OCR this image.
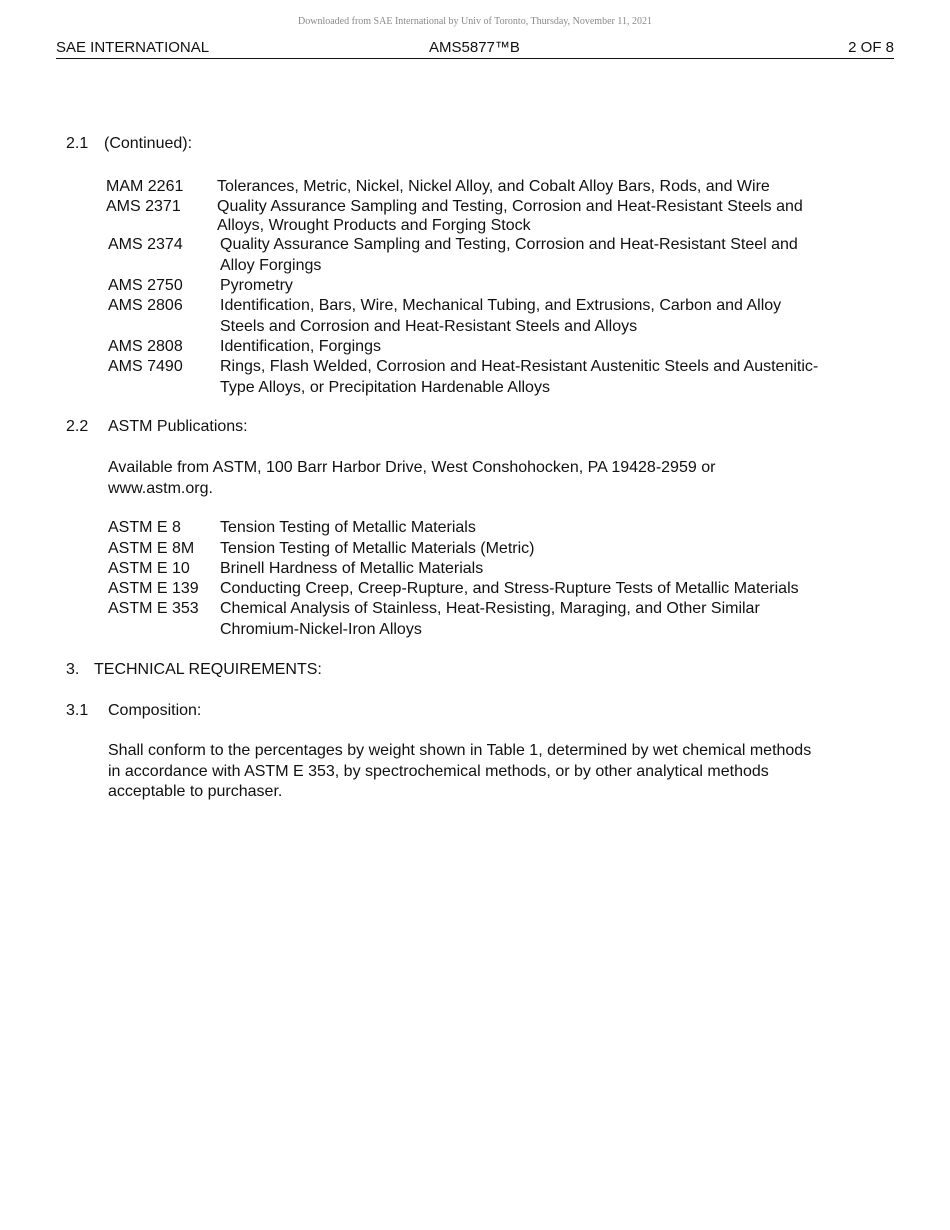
Downloaded from SAE International by Univ of Toronto, Thursday, November 11, 2021
SAE INTERNATIONAL	AMS5877™B	2 OF 8
2.1 (Continued):
MAM 2261 Tolerances, Metric, Nickel, Nickel Alloy, and Cobalt Alloy Bars, Rods, and Wire
AMS 2371 Quality Assurance Sampling and Testing, Corrosion and Heat-Resistant Steels and
Alloys, Wrought Products and Forging Stock
AMS 2374 Quality Assurance Sampling and Testing, Corrosion and Heat-Resistant Steel and
Alloy Forgings
AMS 2750 Pyrometry
AMS 2806 Identification, Bars, Wire, Mechanical Tubing, and Extrusions, Carbon and Alloy
Steels and Corrosion and Heat-Resistant Steels and Alloys
AMS 2808 Identification, Forgings
AMS 7490 Rings, Flash Welded, Corrosion and Heat-Resistant Austenitic Steels and Austenitic-
Type Alloys, or Precipitation Hardenable Alloys
2.2 ASTM Publications:
Available from ASTM, 100 Barr Harbor Drive, West Conshohocken, PA 19428-2959 or
www.astm.org.
ASTM E 8 Tension Testing of Metallic Materials
ASTM E 8M Tension Testing of Metallic Materials (Metric)
ASTM E 10 Brinell Hardness of Metallic Materials
ASTM E 139 Conducting Creep, Creep-Rupture, and Stress-Rupture Tests of Metallic Materials
ASTM E 353 Chemical Analysis of Stainless, Heat-Resisting, Maraging, and Other Similar
Chromium-Nickel-Iron Alloys
3. TECHNICAL REQUIREMENTS:
3.1 Composition:
Shall conform to the percentages by weight shown in Table 1, determined by wet chemical methods
in accordance with ASTM E 353, by spectrochemical methods, or by other analytical methods
acceptable to purchaser.
